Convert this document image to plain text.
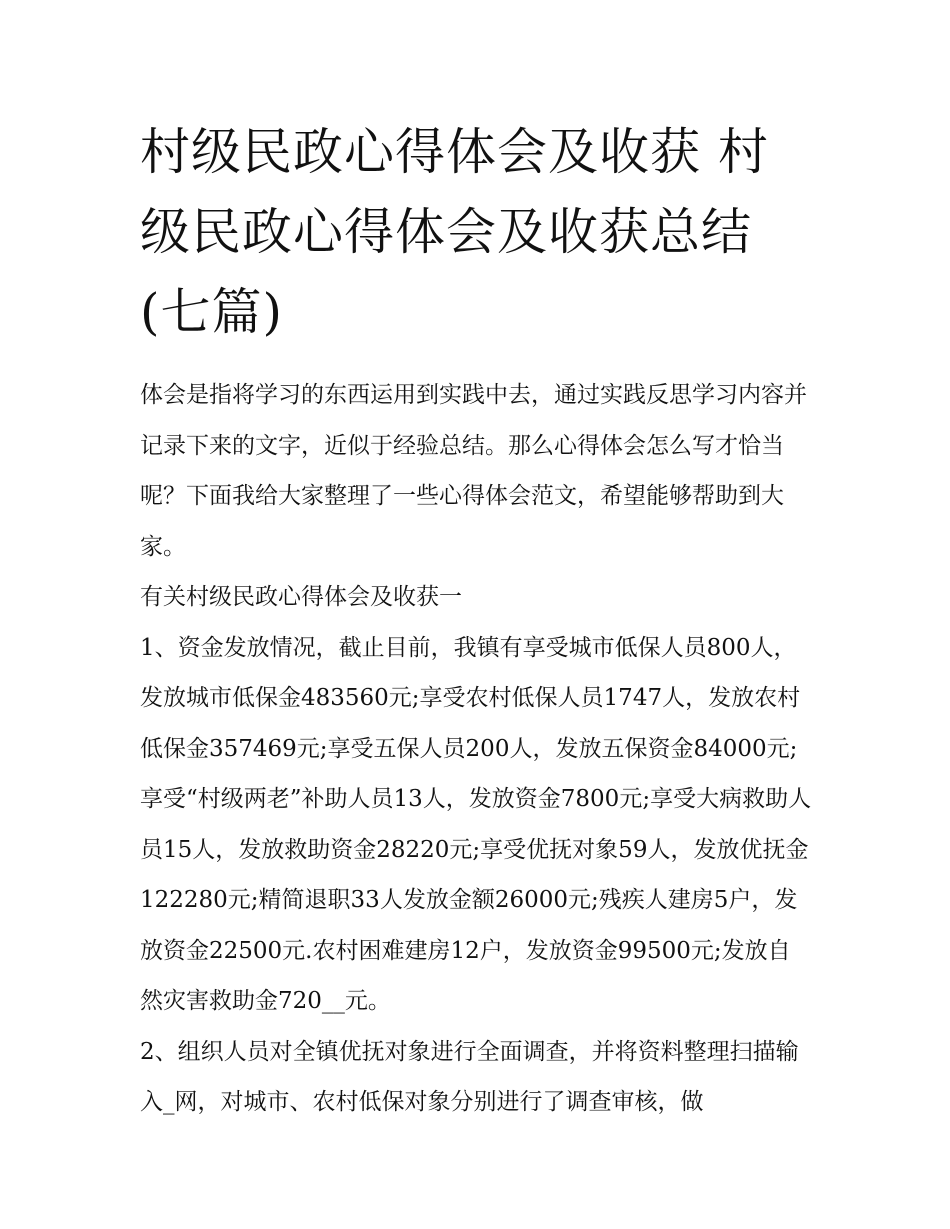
村级民政心得体会及收获 村级民政心得体会及收获总结(七篇)

体会是指将学习的东西运用到实践中去，通过实践反思学习内容并记录下来的文字，近似于经验总结。那么心得体会怎么写才恰当呢？下面我给大家整理了一些心得体会范文，希望能够帮助到大家。

有关村级民政心得体会及收获一

1、资金发放情况，截止目前，我镇有享受城市低保人员800人，发放城市低保金483560元;享受农村低保人员1747人，发放农村低保金357469元;享受五保人员200人，发放五保资金84000元;享受“村级两老”补助人员13人，发放资金7800元;享受大病救助人员15人，发放救助资金28220元;享受优抚对象59人，发放优抚金122280元;精简退职33人发放金额26000元;残疾人建房5户，发放资金22500元.农村困难建房12户，发放资金99500元;发放自然灾害救助金720__元。

2、组织人员对全镇优抚对象进行全面调查，并将资料整理扫描输入_网，对城市、农村低保对象分别进行了调查审核，做
